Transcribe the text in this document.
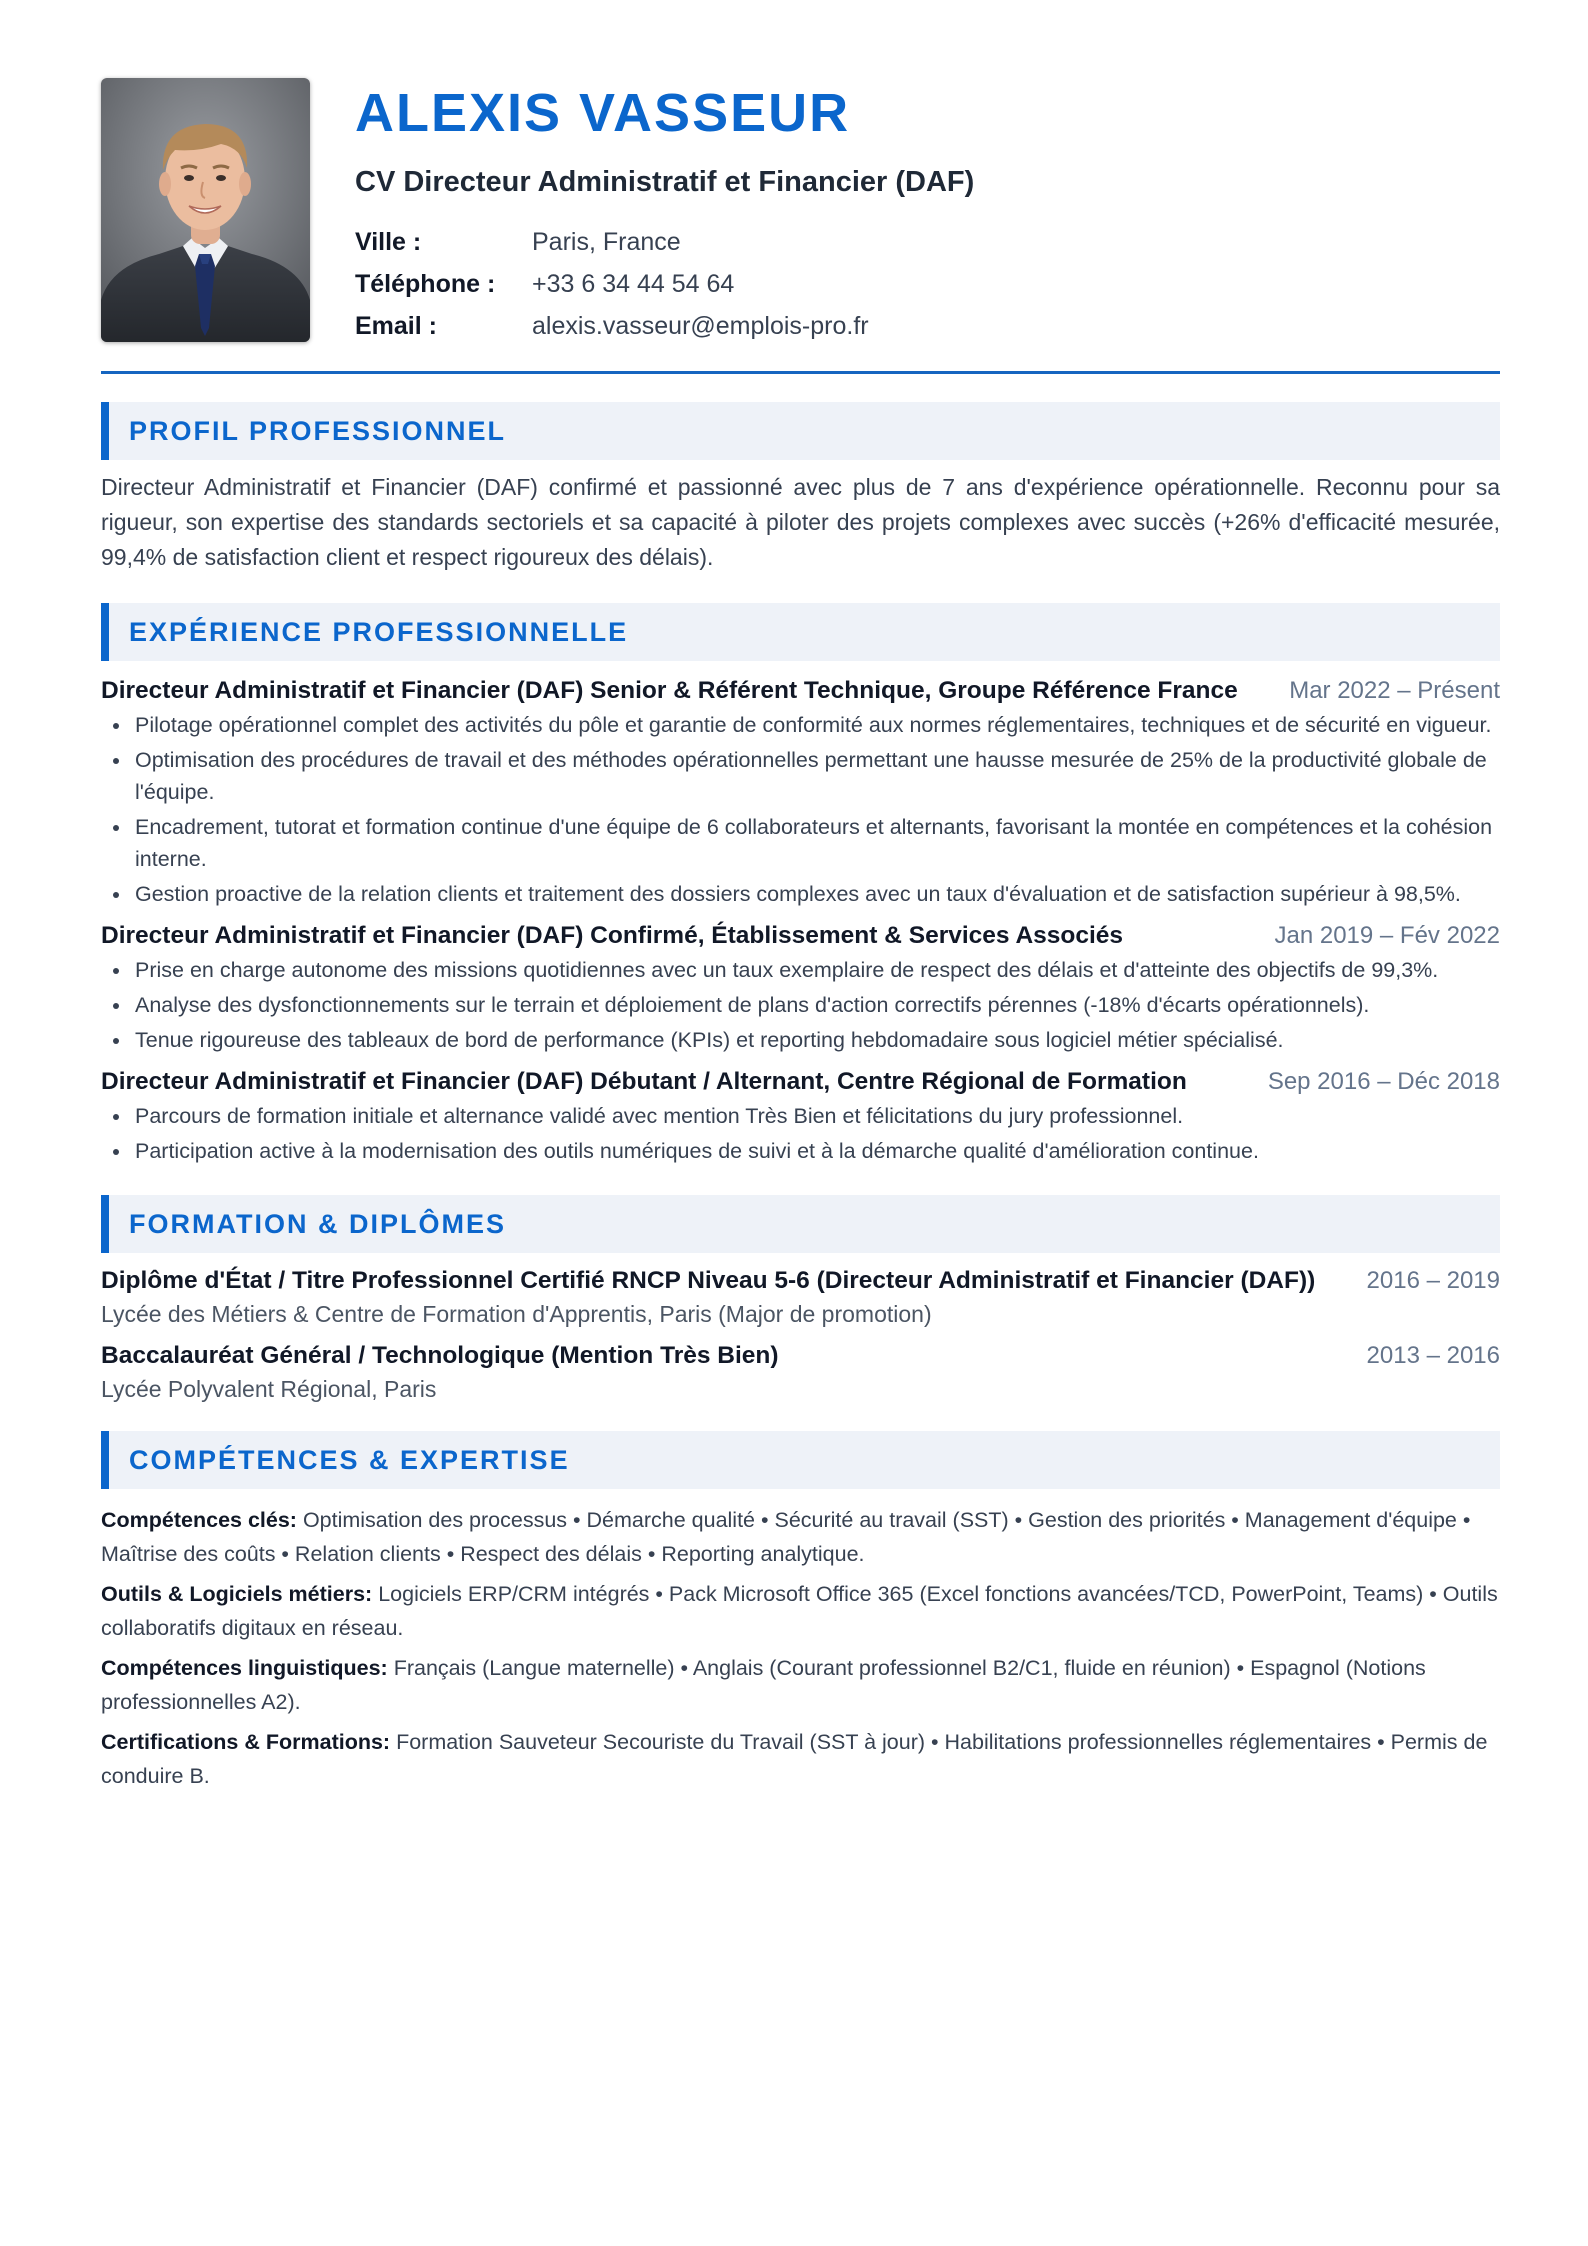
ALEXIS VASSEUR
CV Directeur Administratif et Financier (DAF)
Ville :	Paris, France
Téléphone :	+33 6 34 44 54 64
Email :	alexis.vasseur@emplois-pro.fr
PROFIL PROFESSIONNEL

Directeur Administratif et Financier (DAF) confirmé et passionné avec plus de 7 ans d'expérience opérationnelle. Reconnu pour sa rigueur, son expertise des standards sectoriels et sa capacité à piloter des projets complexes avec succès (+26% d'efficacité mesurée, 99,4% de satisfaction client et respect rigoureux des délais).

EXPÉRIENCE PROFESSIONNELLE
Directeur Administratif et Financier (DAF) Senior & Référent Technique, Groupe Référence France Mar 2022 – Présent
Pilotage opérationnel complet des activités du pôle et garantie de conformité aux normes réglementaires, techniques et de sécurité en vigueur.
Optimisation des procédures de travail et des méthodes opérationnelles permettant une hausse mesurée de 25% de la productivité globale de l'équipe.
Encadrement, tutorat et formation continue d'une équipe de 6 collaborateurs et alternants, favorisant la montée en compétences et la cohésion interne.
Gestion proactive de la relation clients et traitement des dossiers complexes avec un taux d'évaluation et de satisfaction supérieur à 98,5%.
Directeur Administratif et Financier (DAF) Confirmé, Établissement & Services Associés	Jan 2019 – Fév 2022
Prise en charge autonome des missions quotidiennes avec un taux exemplaire de respect des délais et d'atteinte des objectifs de 99,3%.
Analyse des dysfonctionnements sur le terrain et déploiement de plans d'action correctifs pérennes (-18% d'écarts opérationnels).
Tenue rigoureuse des tableaux de bord de performance (KPIs) et reporting hebdomadaire sous logiciel métier spécialisé.
Directeur Administratif et Financier (DAF) Débutant / Alternant, Centre Régional de Formation	Sep 2016 – Déc 2018
Parcours de formation initiale et alternance validé avec mention Très Bien et félicitations du jury professionnel.
Participation active à la modernisation des outils numériques de suivi et à la démarche qualité d'amélioration continue.
FORMATION & DIPLÔMES
Diplôme d'État / Titre Professionnel Certifié RNCP Niveau 5-6 (Directeur Administratif et Financier (DAF)) 2016 – 2019
Lycée des Métiers & Centre de Formation d'Apprentis, Paris (Major de promotion)
Baccalauréat Général / Technologique (Mention Très Bien)	2013 – 2016
Lycée Polyvalent Régional, Paris
COMPÉTENCES & EXPERTISE

Compétences clés: Optimisation des processus • Démarche qualité • Sécurité au travail (SST) • Gestion des priorités • Management d'équipe • Maîtrise des coûts • Relation clients • Respect des délais • Reporting analytique.

Outils & Logiciels métiers: Logiciels ERP/CRM intégrés • Pack Microsoft Office 365 (Excel fonctions avancées/TCD, PowerPoint, Teams) • Outils collaboratifs digitaux en réseau.

Compétences linguistiques: Français (Langue maternelle) • Anglais (Courant professionnel B2/C1, fluide en réunion) • Espagnol (Notions professionnelles A2).

Certifications & Formations: Formation Sauveteur Secouriste du Travail (SST à jour) • Habilitations professionnelles réglementaires • Permis de conduire B.
